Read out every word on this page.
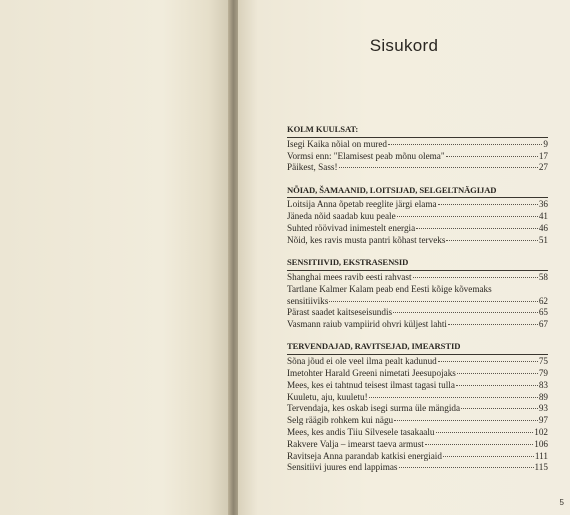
Sisukord
KOLM KUULSAT:
Isegi Kaika nõial on mured	9
Vormsi enn: "Elamisest peab mõnu olema"	17
Päikest, Sass!	27
NÕIAD, ŠAMAANID, LOITSIJAD, SELGELTNÄGIJAD
Loitsija Anna õpetab reeglite järgi elama	36
Jäneda nõid saadab kuu peale	41
Suhted röövivad inimestelt energia	46
Nõid, kes ravis musta pantri kõhast terveks	51
SENSITIIVID, EKSTRASENSID
Shanghai mees ravib eesti rahvast	58
Tartlane Kalmer Kalam peab end Eesti kõige kõvemaks
sensitiiviks	62
Pärast saadet kaitseseisundis	65
Vasmann raiub vampiirid ohvri küljest lahti	67
TERVENDAJAD, RAVITSEJAD, IMEARSTID
Sõna jõud ei ole veel ilma pealt kadunud	75
Imetohter Harald Greeni nimetati Jeesupojaks	79
Mees, kes ei tahtnud teisest ilmast tagasi tulla	83
Kuuletu, aju, kuuletu!	89
Tervendaja, kes oskab isegi surma üle mängida	93
Selg räägib rohkem kui nägu	97
Mees, kes andis Tiiu Silvesele tasakaalu	102
Rakvere Valja – imearst taeva armust	106
Ravitseja Anna parandab katkisi energiaid	111
Sensitiivi juures end lappimas	115
5
